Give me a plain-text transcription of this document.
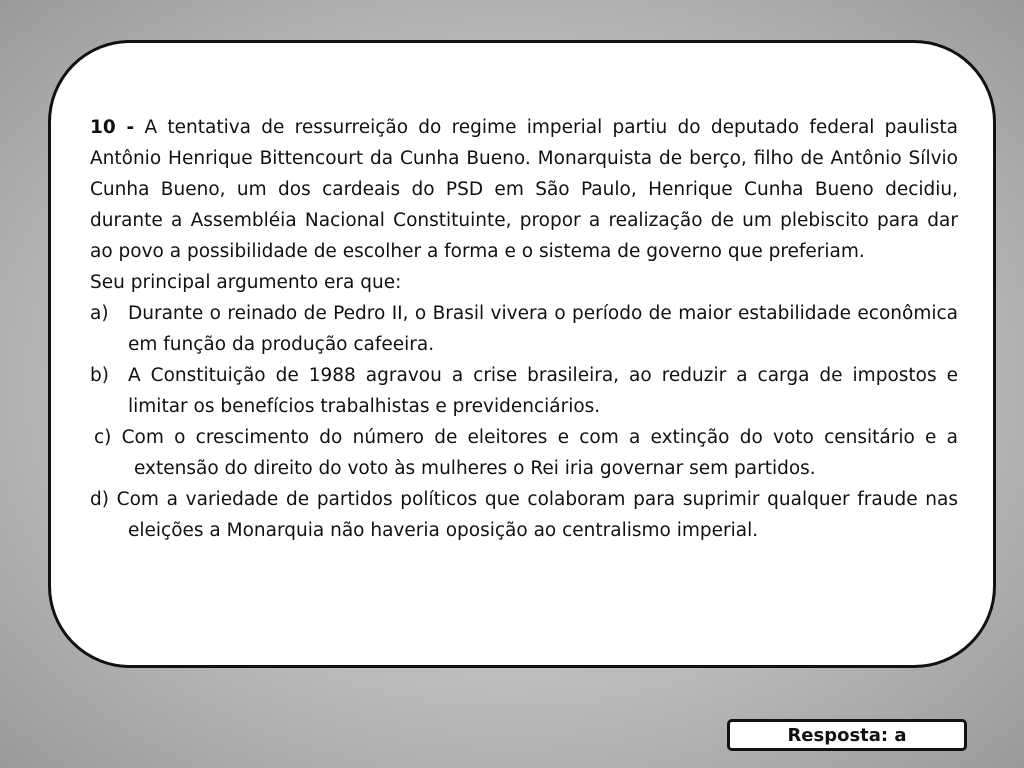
10 - A tentativa de ressurreição do regime imperial partiu do deputado federal paulista Antônio Henrique Bittencourt da Cunha Bueno. Monarquista de berço, filho de Antônio Sílvio Cunha Bueno, um dos cardeais do PSD em São Paulo, Henrique Cunha Bueno decidiu, durante a Assembléia Nacional Constituinte, propor a realização de um plebiscito para dar ao povo a possibilidade de escolher a forma e o sistema de governo que preferiam.

Seu principal argumento era que:

a)	Durante o reinado de Pedro II, o Brasil vivera o período de maior estabilidade econômica em função da produção cafeeira.
b)	A Constituição de 1988 agravou a crise brasileira, ao reduzir a carga de impostos e limitar os benefícios trabalhistas e previdenciários.
c) Com o crescimento do número de eleitores e com a extinção do voto censitário e a extensão do direito do voto às mulheres o Rei iria governar sem partidos.
d) Com a variedade de partidos políticos que colaboram para suprimir qualquer fraude nas eleições a Monarquia não haveria oposição ao centralismo imperial.
Resposta: a
